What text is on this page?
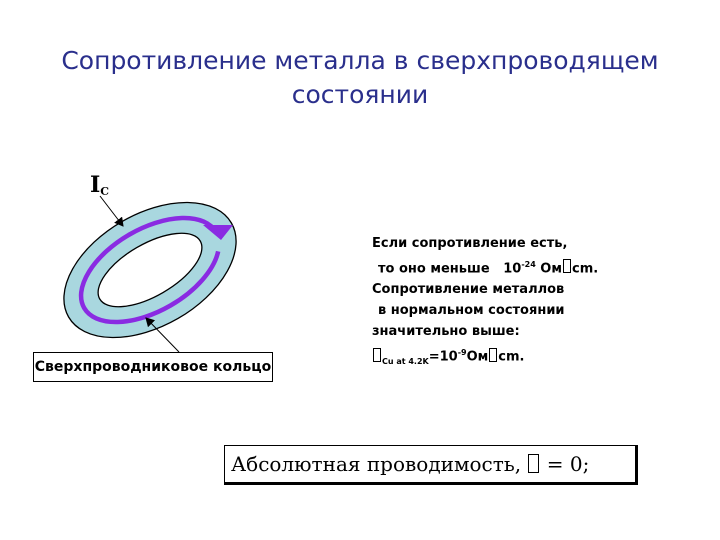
Сопротивление металла в сверхпроводящем
состоянии
$I_C$
Сверхпроводниковое кольцо
Если сопротивление есть,
то оно меньше $10^{-24}$ Ом cm.
Сопротивление металлов
в нормальном состоянии
значительно выше:
$_{Cu at 4.2K}=10^{-9}Ом$ cm.
Абсолютная проводимость, = 0;
